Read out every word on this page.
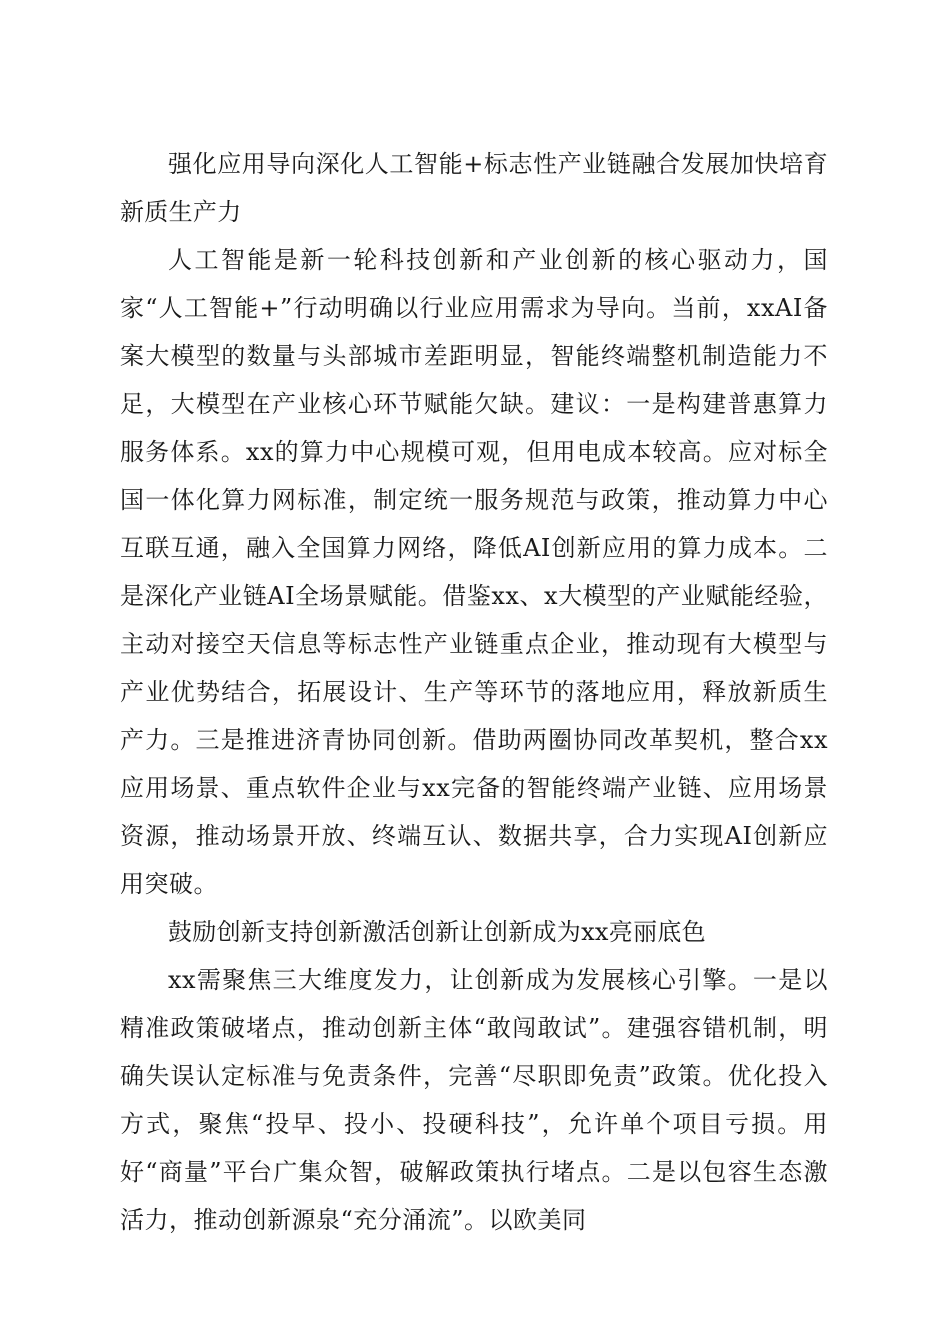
强化应用导向深化人工智能+标志性产业链融合发展加快培育新质生产力

人工智能是新一轮科技创新和产业创新的核心驱动力，国家“人工智能+”行动明确以行业应用需求为导向。当前，xxAI备案大模型的数量与头部城市差距明显，智能终端整机制造能力不足，大模型在产业核心环节赋能欠缺。建议：一是构建普惠算力服务体系。xx的算力中心规模可观，但用电成本较高。应对标全国一体化算力网标准，制定统一服务规范与政策，推动算力中心互联互通，融入全国算力网络，降低AI创新应用的算力成本。二是深化产业链AI全场景赋能。借鉴xx、x大模型的产业赋能经验，主动对接空天信息等标志性产业链重点企业，推动现有大模型与产业优势结合，拓展设计、生产等环节的落地应用，释放新质生产力。三是推进济青协同创新。借助两圈协同改革契机，整合xx应用场景、重点软件企业与xx完备的智能终端产业链、应用场景资源，推动场景开放、终端互认、数据共享，合力实现AI创新应用突破。

鼓励创新支持创新激活创新让创新成为xx亮丽底色

xx需聚焦三大维度发力，让创新成为发展核心引擎。一是以精准政策破堵点，推动创新主体“敢闯敢试”。建强容错机制，明确失误认定标准与免责条件，完善“尽职即免责”政策。优化投入方式，聚焦“投早、投小、投硬科技”，允许单个项目亏损。用好“商量”平台广集众智，破解政策执行堵点。二是以包容生态激活力，推动创新源泉“充分涌流”。以欧美同
